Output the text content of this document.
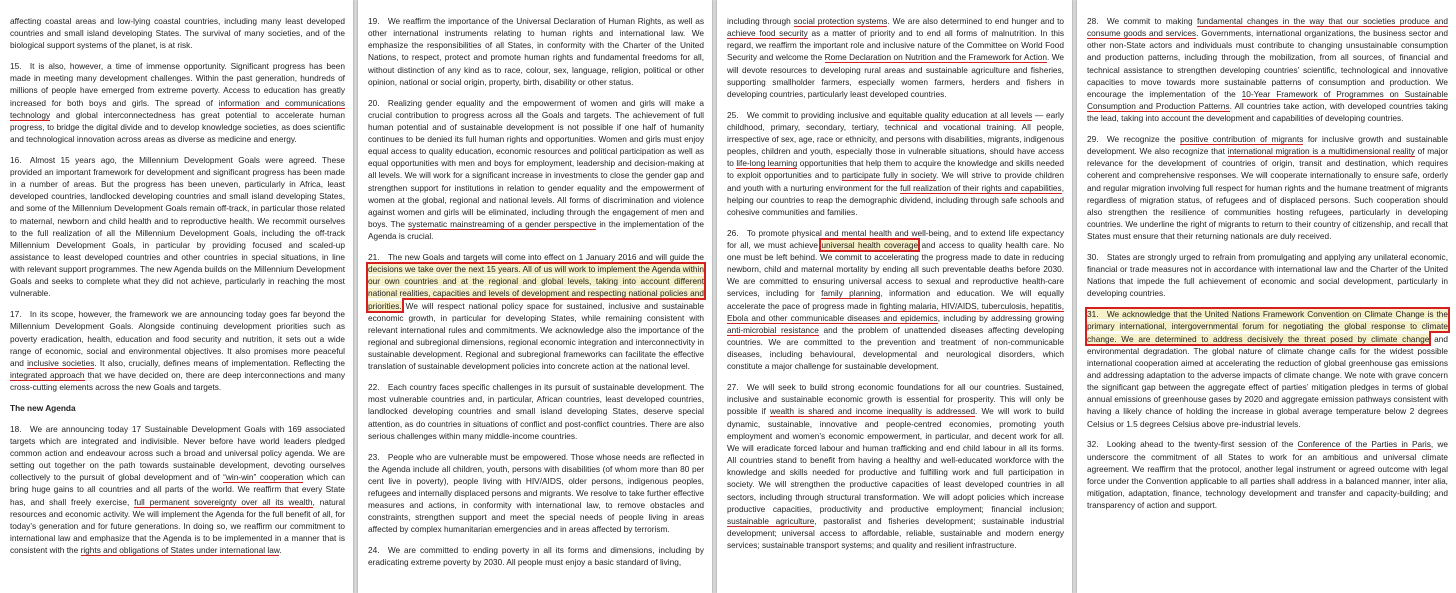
affecting coastal areas and low-lying coastal countries, including many least developed countries and small island developing States. The survival of many societies, and of the biological support systems of the planet, is at risk.
15. It is also, however, a time of immense opportunity. Significant progress has been made in meeting many development challenges. Within the past generation, hundreds of millions of people have emerged from extreme poverty. Access to education has greatly increased for both boys and girls. The spread of information and communications technology and global interconnectedness has great potential to accelerate human progress, to bridge the digital divide and to develop knowledge societies, as does scientific and technological innovation across areas as diverse as medicine and energy.
16. Almost 15 years ago, the Millennium Development Goals were agreed. These provided an important framework for development and significant progress has been made in a number of areas. But the progress has been uneven, particularly in Africa, least developed countries, landlocked developing countries and small island developing States, and some of the Millennium Development Goals remain off-track, in particular those related to maternal, newborn and child health and to reproductive health. We recommit ourselves to the full realization of all the Millennium Development Goals, including the off-track Millennium Development Goals, in particular by providing focused and scaled-up assistance to least developed countries and other countries in special situations, in line with relevant support programmes. The new Agenda builds on the Millennium Development Goals and seeks to complete what they did not achieve, particularly in reaching the most vulnerable.
17. In its scope, however, the framework we are announcing today goes far beyond the Millennium Development Goals. Alongside continuing development priorities such as poverty eradication, health, education and food security and nutrition, it sets out a wide range of economic, social and environmental objectives. It also promises more peaceful and inclusive societies. It also, crucially, defines means of implementation. Reflecting the integrated approach that we have decided on, there are deep interconnections and many cross-cutting elements across the new Goals and targets.
The new Agenda
18. We are announcing today 17 Sustainable Development Goals with 169 associated targets which are integrated and indivisible. Never before have world leaders pledged common action and endeavour across such a broad and universal policy agenda. We are setting out together on the path towards sustainable development, devoting ourselves collectively to the pursuit of global development and of “win-win” cooperation which can bring huge gains to all countries and all parts of the world. We reaffirm that every State has, and shall freely exercise, full permanent sovereignty over all its wealth, natural resources and economic activity. We will implement the Agenda for the full benefit of all, for today’s generation and for future generations. In doing so, we reaffirm our commitment to international law and emphasize that the Agenda is to be implemented in a manner that is consistent with the rights and obligations of States under international law.
19. We reaffirm the importance of the Universal Declaration of Human Rights, as well as other international instruments relating to human rights and international law. We emphasize the responsibilities of all States, in conformity with the Charter of the United Nations, to respect, protect and promote human rights and fundamental freedoms for all, without distinction of any kind as to race, colour, sex, language, religion, political or other opinion, national or social origin, property, birth, disability or other status.
20. Realizing gender equality and the empowerment of women and girls will make a crucial contribution to progress across all the Goals and targets. The achievement of full human potential and of sustainable development is not possible if one half of humanity continues to be denied its full human rights and opportunities. Women and girls must enjoy equal access to quality education, economic resources and political participation as well as equal opportunities with men and boys for employment, leadership and decision-making at all levels. We will work for a significant increase in investments to close the gender gap and strengthen support for institutions in relation to gender equality and the empowerment of women at the global, regional and national levels. All forms of discrimination and violence against women and girls will be eliminated, including through the engagement of men and boys. The systematic mainstreaming of a gender perspective in the implementation of the Agenda is crucial.
21. The new Goals and targets will come into effect on 1 January 2016 and will guide the decisions we take over the next 15 years. All of us will work to implement the Agenda within our own countries and at the regional and global levels, taking into account different national realities, capacities and levels of development and respecting national policies and priorities. We will respect national policy space for sustained, inclusive and sustainable economic growth, in particular for developing States, while remaining consistent with relevant international rules and commitments. We acknowledge also the importance of the regional and subregional dimensions, regional economic integration and interconnectivity in sustainable development. Regional and subregional frameworks can facilitate the effective translation of sustainable development policies into concrete action at the national level.
22. Each country faces specific challenges in its pursuit of sustainable development. The most vulnerable countries and, in particular, African countries, least developed countries, landlocked developing countries and small island developing States, deserve special attention, as do countries in situations of conflict and post-conflict countries. There are also serious challenges within many middle-income countries.
23. People who are vulnerable must be empowered. Those whose needs are reflected in the Agenda include all children, youth, persons with disabilities (of whom more than 80 per cent live in poverty), people living with HIV/AIDS, older persons, indigenous peoples, refugees and internally displaced persons and migrants. We resolve to take further effective measures and actions, in conformity with international law, to remove obstacles and constraints, strengthen support and meet the special needs of people living in areas affected by complex humanitarian emergencies and in areas affected by terrorism.
24. We are committed to ending poverty in all its forms and dimensions, including by eradicating extreme poverty by 2030. All people must enjoy a basic standard of living,
including through social protection systems. We are also determined to end hunger and to achieve food security as a matter of priority and to end all forms of malnutrition. In this regard, we reaffirm the important role and inclusive nature of the Committee on World Food Security and welcome the Rome Declaration on Nutrition and the Framework for Action. We will devote resources to developing rural areas and sustainable agriculture and fisheries, supporting smallholder farmers, especially women farmers, herders and fishers in developing countries, particularly least developed countries.
25. We commit to providing inclusive and equitable quality education at all levels — early childhood, primary, secondary, tertiary, technical and vocational training. All people, irrespective of sex, age, race or ethnicity, and persons with disabilities, migrants, indigenous peoples, children and youth, especially those in vulnerable situations, should have access to life-long learning opportunities that help them to acquire the knowledge and skills needed to exploit opportunities and to participate fully in society. We will strive to provide children and youth with a nurturing environment for the full realization of their rights and capabilities, helping our countries to reap the demographic dividend, including through safe schools and cohesive communities and families.
26. To promote physical and mental health and well-being, and to extend life expectancy for all, we must achieve universal health coverage and access to quality health care. No one must be left behind. We commit to accelerating the progress made to date in reducing newborn, child and maternal mortality by ending all such preventable deaths before 2030. We are committed to ensuring universal access to sexual and reproductive health-care services, including for family planning, information and education. We will equally accelerate the pace of progress made in fighting malaria, HIV/AIDS, tuberculosis, hepatitis, Ebola and other communicable diseases and epidemics, including by addressing growing anti-microbial resistance and the problem of unattended diseases affecting developing countries. We are committed to the prevention and treatment of non-communicable diseases, including behavioural, developmental and neurological disorders, which constitute a major challenge for sustainable development.
27. We will seek to build strong economic foundations for all our countries. Sustained, inclusive and sustainable economic growth is essential for prosperity. This will only be possible if wealth is shared and income inequality is addressed. We will work to build dynamic, sustainable, innovative and people-centred economies, promoting youth employment and women’s economic empowerment, in particular, and decent work for all. We will eradicate forced labour and human trafficking and end child labour in all its forms. All countries stand to benefit from having a healthy and well-educated workforce with the knowledge and skills needed for productive and fulfilling work and full participation in society. We will strengthen the productive capacities of least developed countries in all sectors, including through structural transformation. We will adopt policies which increase productive capacities, productivity and productive employment; financial inclusion; sustainable agriculture, pastoralist and fisheries development; sustainable industrial development; universal access to affordable, reliable, sustainable and modern energy services; sustainable transport systems; and quality and resilient infrastructure.
28. We commit to making fundamental changes in the way that our societies produce and consume goods and services. Governments, international organizations, the business sector and other non-State actors and individuals must contribute to changing unsustainable consumption and production patterns, including through the mobilization, from all sources, of financial and technical assistance to strengthen developing countries’ scientific, technological and innovative capacities to move towards more sustainable patterns of consumption and production. We encourage the implementation of the 10-Year Framework of Programmes on Sustainable Consumption and Production Patterns. All countries take action, with developed countries taking the lead, taking into account the development and capabilities of developing countries.
29. We recognize the positive contribution of migrants for inclusive growth and sustainable development. We also recognize that international migration is a multidimensional reality of major relevance for the development of countries of origin, transit and destination, which requires coherent and comprehensive responses. We will cooperate internationally to ensure safe, orderly and regular migration involving full respect for human rights and the humane treatment of migrants regardless of migration status, of refugees and of displaced persons. Such cooperation should also strengthen the resilience of communities hosting refugees, particularly in developing countries. We underline the right of migrants to return to their country of citizenship, and recall that States must ensure that their returning nationals are duly received.
30. States are strongly urged to refrain from promulgating and applying any unilateral economic, financial or trade measures not in accordance with international law and the Charter of the United Nations that impede the full achievement of economic and social development, particularly in developing countries.
31. We acknowledge that the United Nations Framework Convention on Climate Change is the primary international, intergovernmental forum for negotiating the global response to climate change. We are determined to address decisively the threat posed by climate change and environmental degradation. The global nature of climate change calls for the widest possible international cooperation aimed at accelerating the reduction of global greenhouse gas emissions and addressing adaptation to the adverse impacts of climate change. We note with grave concern the significant gap between the aggregate effect of parties’ mitigation pledges in terms of global annual emissions of greenhouse gases by 2020 and aggregate emission pathways consistent with having a likely chance of holding the increase in global average temperature below 2 degrees Celsius or 1.5 degrees Celsius above pre-industrial levels.
32. Looking ahead to the twenty-first session of the Conference of the Parties in Paris, we underscore the commitment of all States to work for an ambitious and universal climate agreement. We reaffirm that the protocol, another legal instrument or agreed outcome with legal force under the Convention applicable to all parties shall address in a balanced manner, inter alia, mitigation, adaptation, finance, technology development and transfer and capacity-building; and transparency of action and support.
